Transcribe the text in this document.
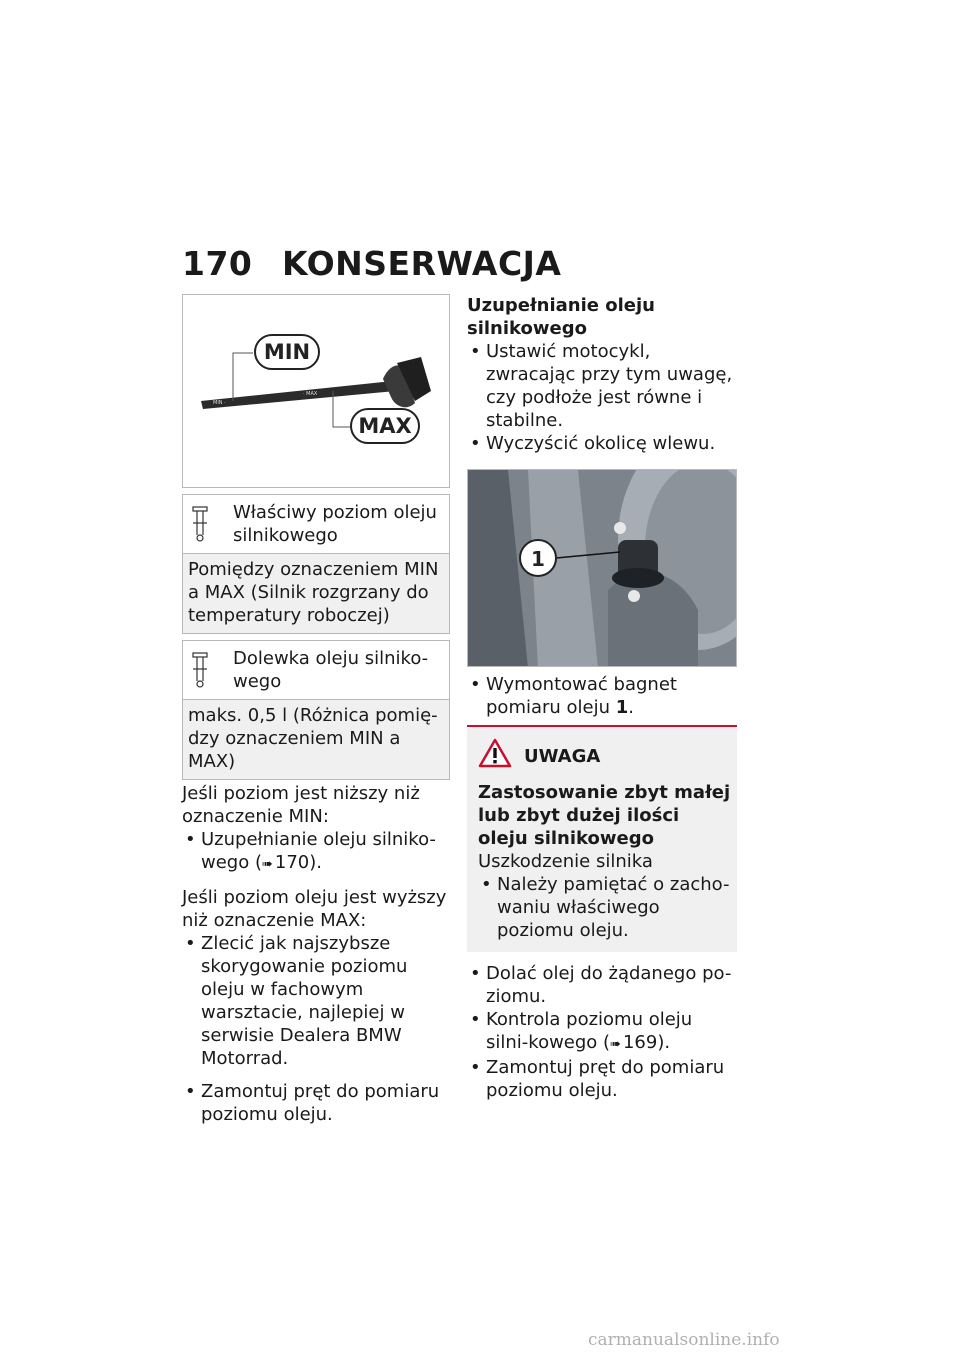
170 KONSERWACJA
MIN ·
· MAX
MIN
MAX
Właściwy poziom oleju silnikowego
Pomiędzy oznaczeniem MIN a MAX (Silnik rozgrzany do temperatury roboczej)
Dolewka oleju silniko-wego
maks. 0,5 l (Różnica pomię-dzy oznaczeniem MIN a MAX)

Jeśli poziom jest niższy niż oznaczenie MIN:

• Uzupełnianie oleju silniko-wego (➠ 170).

Jeśli poziom oleju jest wyższy niż oznaczenie MAX:

• Zlecić jak najszybsze skorygowanie poziomu oleju w fachowym warsztacie, najlepiej w serwisie Dealera BMW Motorrad.
• Zamontuj pręt do pomiaru poziomu oleju.
Uzupełnianie oleju silnikowego
• Ustawić motocykl, zwracając przy tym uwagę, czy podłoże jest równe i stabilne.
• Wyczyścić okolicę wlewu.
1
• Wymontować bagnet pomiaru oleju 1.
UWAGA
Zastosowanie zbyt małej lub zbyt dużej ilości oleju silnikowego
Uszkodzenie silnika
• Należy pamiętać o zacho-waniu właściwego poziomu oleju.
• Dolać olej do żądanego po-ziomu.
• Kontrola poziomu oleju silni-kowego (➠ 169).
• Zamontuj pręt do pomiaru poziomu oleju.
carmanualsonline.info
